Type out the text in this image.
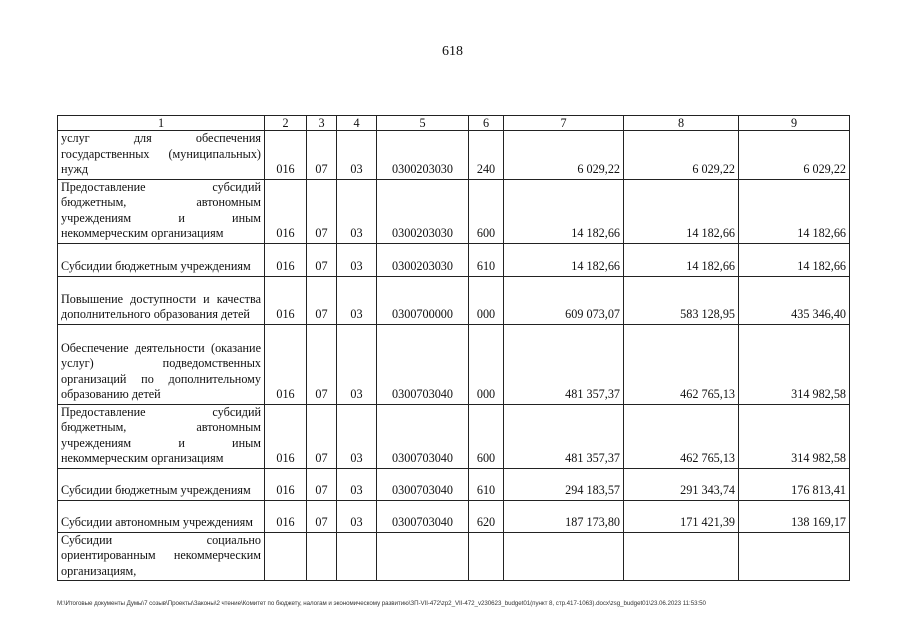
618
1	2	3	4	5	6	7	8	9
услуг для обеспечения государственных (муниципальных) нужд	016	07	03	0300203030	240	6 029,22	6 029,22	6 029,22
Предоставление субсидий бюджетным, автономным учреждениям и иным некоммерческим организациям	016	07	03	0300203030	600	14 182,66	14 182,66	14 182,66
Субсидии бюджетным учреждениям	016	07	03	0300203030	610	14 182,66	14 182,66	14 182,66
Повышение доступности и качества дополнительного образования детей	016	07	03	0300700000	000	609 073,07	583 128,95	435 346,40
Обеспечение деятельности (оказание услуг) подведомственных организаций по дополнительному образованию детей	016	07	03	0300703040	000	481 357,37	462 765,13	314 982,58
Предоставление субсидий бюджетным, автономным учреждениям и иным некоммерческим организациям	016	07	03	0300703040	600	481 357,37	462 765,13	314 982,58
Субсидии бюджетным учреждениям	016	07	03	0300703040	610	294 183,57	291 343,74	176 813,41
Субсидии автономным учреждениям	016	07	03	0300703040	620	187 173,80	171 421,39	138 169,17
Субсидии социально ориентированным некоммерческим организациям,								
M:\Итоговые документы Думы\7 созыв\Проекты\Законы\2 чтение\Комитет по бюджету, налогам и экономическому развитию\ЗП-VII-472\zp2_VII-472_v230623_budget01(пункт 8, стр.417-1063).docx\zsg_budget01\23.06.2023 11:53:50
